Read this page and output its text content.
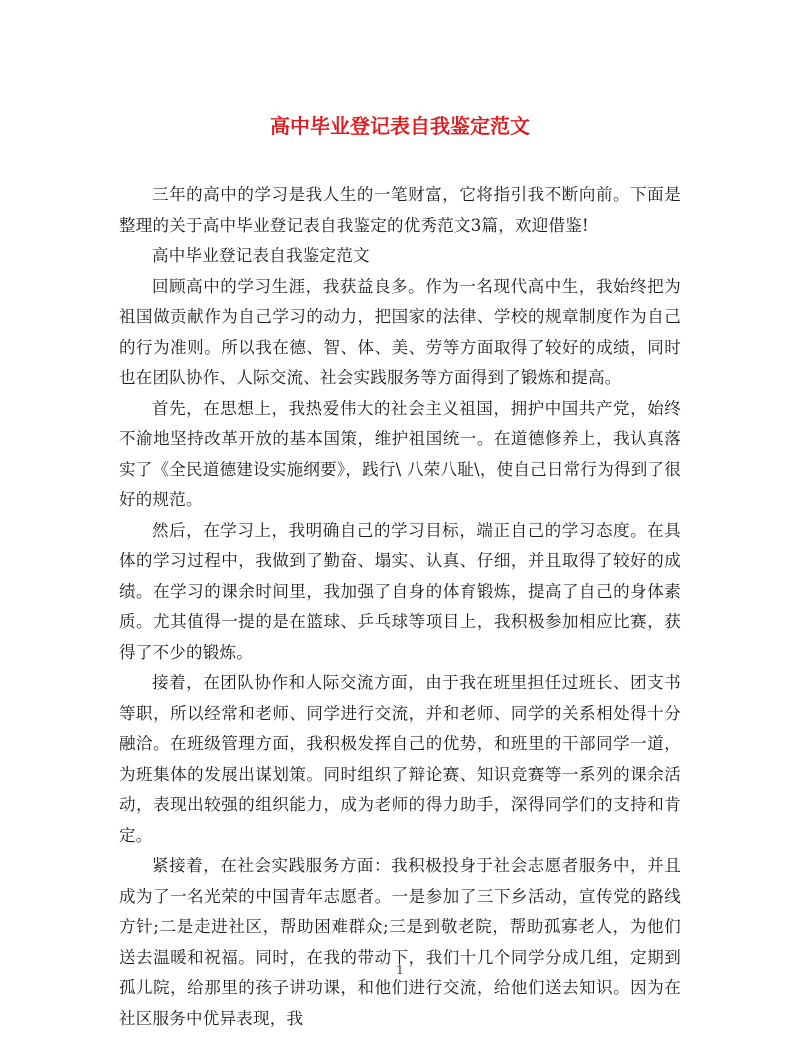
高中毕业登记表自我鉴定范文

三年的高中的学习是我人生的一笔财富，它将指引我不断向前。下面是整理的关于高中毕业登记表自我鉴定的优秀范文3篇，欢迎借鉴!

高中毕业登记表自我鉴定范文

回顾高中的学习生涯，我获益良多。作为一名现代高中生，我始终把为祖国做贡献作为自己学习的动力，把国家的法律、学校的规章制度作为自己的行为准则。所以我在德、智、体、美、劳等方面取得了较好的成绩，同时也在团队协作、人际交流、社会实践服务等方面得到了锻炼和提高。

首先，在思想上，我热爱伟大的社会主义祖国，拥护中国共产党，始终不渝地坚持改革开放的基本国策，维护祖国统一。在道德修养上，我认真落实了《全民道德建设实施纲要》，践行\ 八荣八耻\，使自己日常行为得到了很好的规范。

然后，在学习上，我明确自己的学习目标，端正自己的学习态度。在具体的学习过程中，我做到了勤奋、塌实、认真、仔细，并且取得了较好的成绩。在学习的课余时间里，我加强了自身的体育锻炼，提高了自己的身体素质。尤其值得一提的是在篮球、乒乓球等项目上，我积极参加相应比赛，获得了不少的锻炼。

接着，在团队协作和人际交流方面，由于我在班里担任过班长、团支书等职，所以经常和老师、同学进行交流，并和老师、同学的关系相处得十分融洽。在班级管理方面，我积极发挥自己的优势，和班里的干部同学一道，为班集体的发展出谋划策。同时组织了辩论赛、知识竞赛等一系列的课余活动，表现出较强的组织能力，成为老师的得力助手，深得同学们的支持和肯定。

紧接着，在社会实践服务方面：我积极投身于社会志愿者服务中，并且成为了一名光荣的中国青年志愿者。一是参加了三下乡活动，宣传党的路线方针;二是走进社区，帮助困难群众;三是到敬老院，帮助孤寡老人，为他们送去温暖和祝福。同时，在我的带动下，我们十几个同学分成几组，定期到孤儿院，给那里的孩子讲功课，和他们进行交流，给他们送去知识。因为在社区服务中优异表现，我

1
